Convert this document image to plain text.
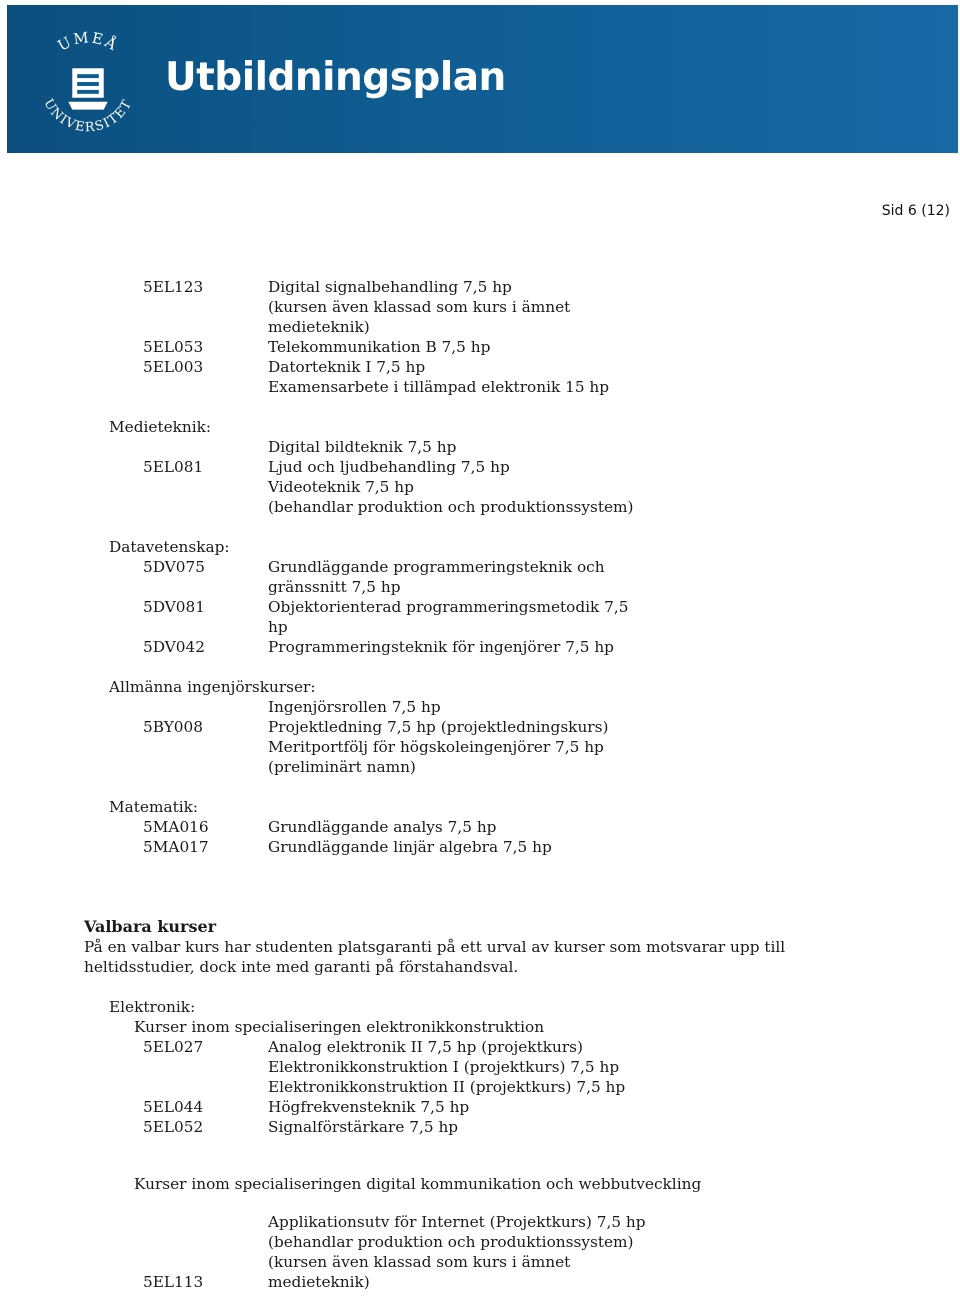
UMEÅ
UNIVERSITET
Utbildningsplan
Sid 6 (12)
5EL123	Digital signalbehandling 7,5 hp
(kursen även klassad som kurs i ämnet
medieteknik)
5EL053	Telekommunikation B 7,5 hp
5EL003	Datorteknik I 7,5 hp
Examensarbete i tillämpad elektronik 15 hp
Medieteknik:
Digital bildteknik 7,5 hp
5EL081	Ljud och ljudbehandling 7,5 hp
Videoteknik 7,5 hp
(behandlar produktion och produktionssystem)
Datavetenskap:
5DV075	Grundläggande programmeringsteknik och
gränssnitt 7,5 hp
5DV081	Objektorienterad programmeringsmetodik 7,5
hp
5DV042	Programmeringsteknik för ingenjörer 7,5 hp
Allmänna ingenjörskurser:
Ingenjörsrollen 7,5 hp
5BY008	Projektledning 7,5 hp (projektledningskurs)
Meritportfölj för högskoleingenjörer 7,5 hp
(preliminärt namn)
Matematik:
5MA016	Grundläggande analys 7,5 hp
5MA017	Grundläggande linjär algebra 7,5 hp
Valbara kurser
På en valbar kurs har studenten platsgaranti på ett urval av kurser som motsvarar upp till
heltidsstudier, dock inte med garanti på förstahandsval.
Elektronik:
Kurser inom specialiseringen elektronikkonstruktion
5EL027	Analog elektronik II 7,5 hp (projektkurs)
Elektronikkonstruktion I (projektkurs) 7,5 hp
Elektronikkonstruktion II (projektkurs) 7,5 hp
5EL044	Högfrekvensteknik 7,5 hp
5EL052	Signalförstärkare 7,5 hp
Kurser inom specialiseringen digital kommunikation och webbutveckling
Applikationsutv för Internet (Projektkurs) 7,5 hp
(behandlar produktion och produktionssystem)
(kursen även klassad som kurs i ämnet
5EL113	medieteknik)
